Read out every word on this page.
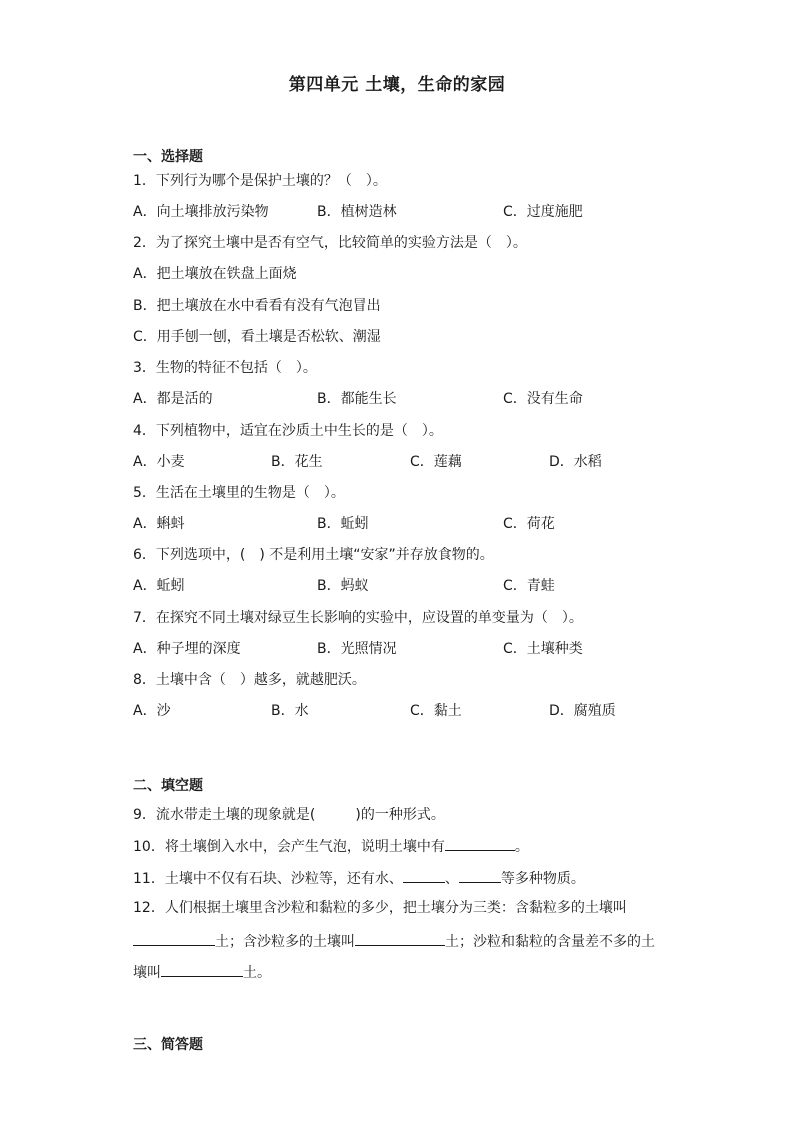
第四单元 土壤，生命的家园
一、选择题
1．下列行为哪个是保护土壤的？（　）。
A．向土壤排放污染物	B．植树造林	C．过度施肥
2．为了探究土壤中是否有空气，比较简单的实验方法是（　）。
A．把土壤放在铁盘上面烧
B．把土壤放在水中看看有没有气泡冒出
C．用手刨一刨，看土壤是否松软、潮湿
3．生物的特征不包括（　）。
A．都是活的	B．都能生长	C．没有生命
4．下列植物中，适宜在沙质土中生长的是（　）。
A．小麦	B．花生	C．莲藕	D．水稻
5．生活在土壤里的生物是（　）。
A．蝌蚪	B．蚯蚓	C．荷花
6．下列选项中，(　) 不是利用土壤“安家”并存放食物的。
A．蚯蚓	B．蚂蚁	C．青蛙
7．在探究不同土壤对绿豆生长影响的实验中，应设置的单变量为（　）。
A．种子埋的深度	B．光照情况	C．土壤种类
8．土壤中含（　）越多，就越肥沃。
A．沙	B．水	C．黏土	D．腐殖质
二、填空题
9．流水带走土壤的现象就是(	)的一种形式。
10．将土壤倒入水中，会产生气泡，说明土壤中有	。
11．土壤中不仅有石块、沙粒等，还有水、	、	等多种物质。
12．人们根据土壤里含沙粒和黏粒的多少，把土壤分为三类：含黏粒多的土壤叫
土；含沙粒多的土壤叫	土；沙粒和黏粒的含量差不多的土
壤叫	土。
三、简答题
